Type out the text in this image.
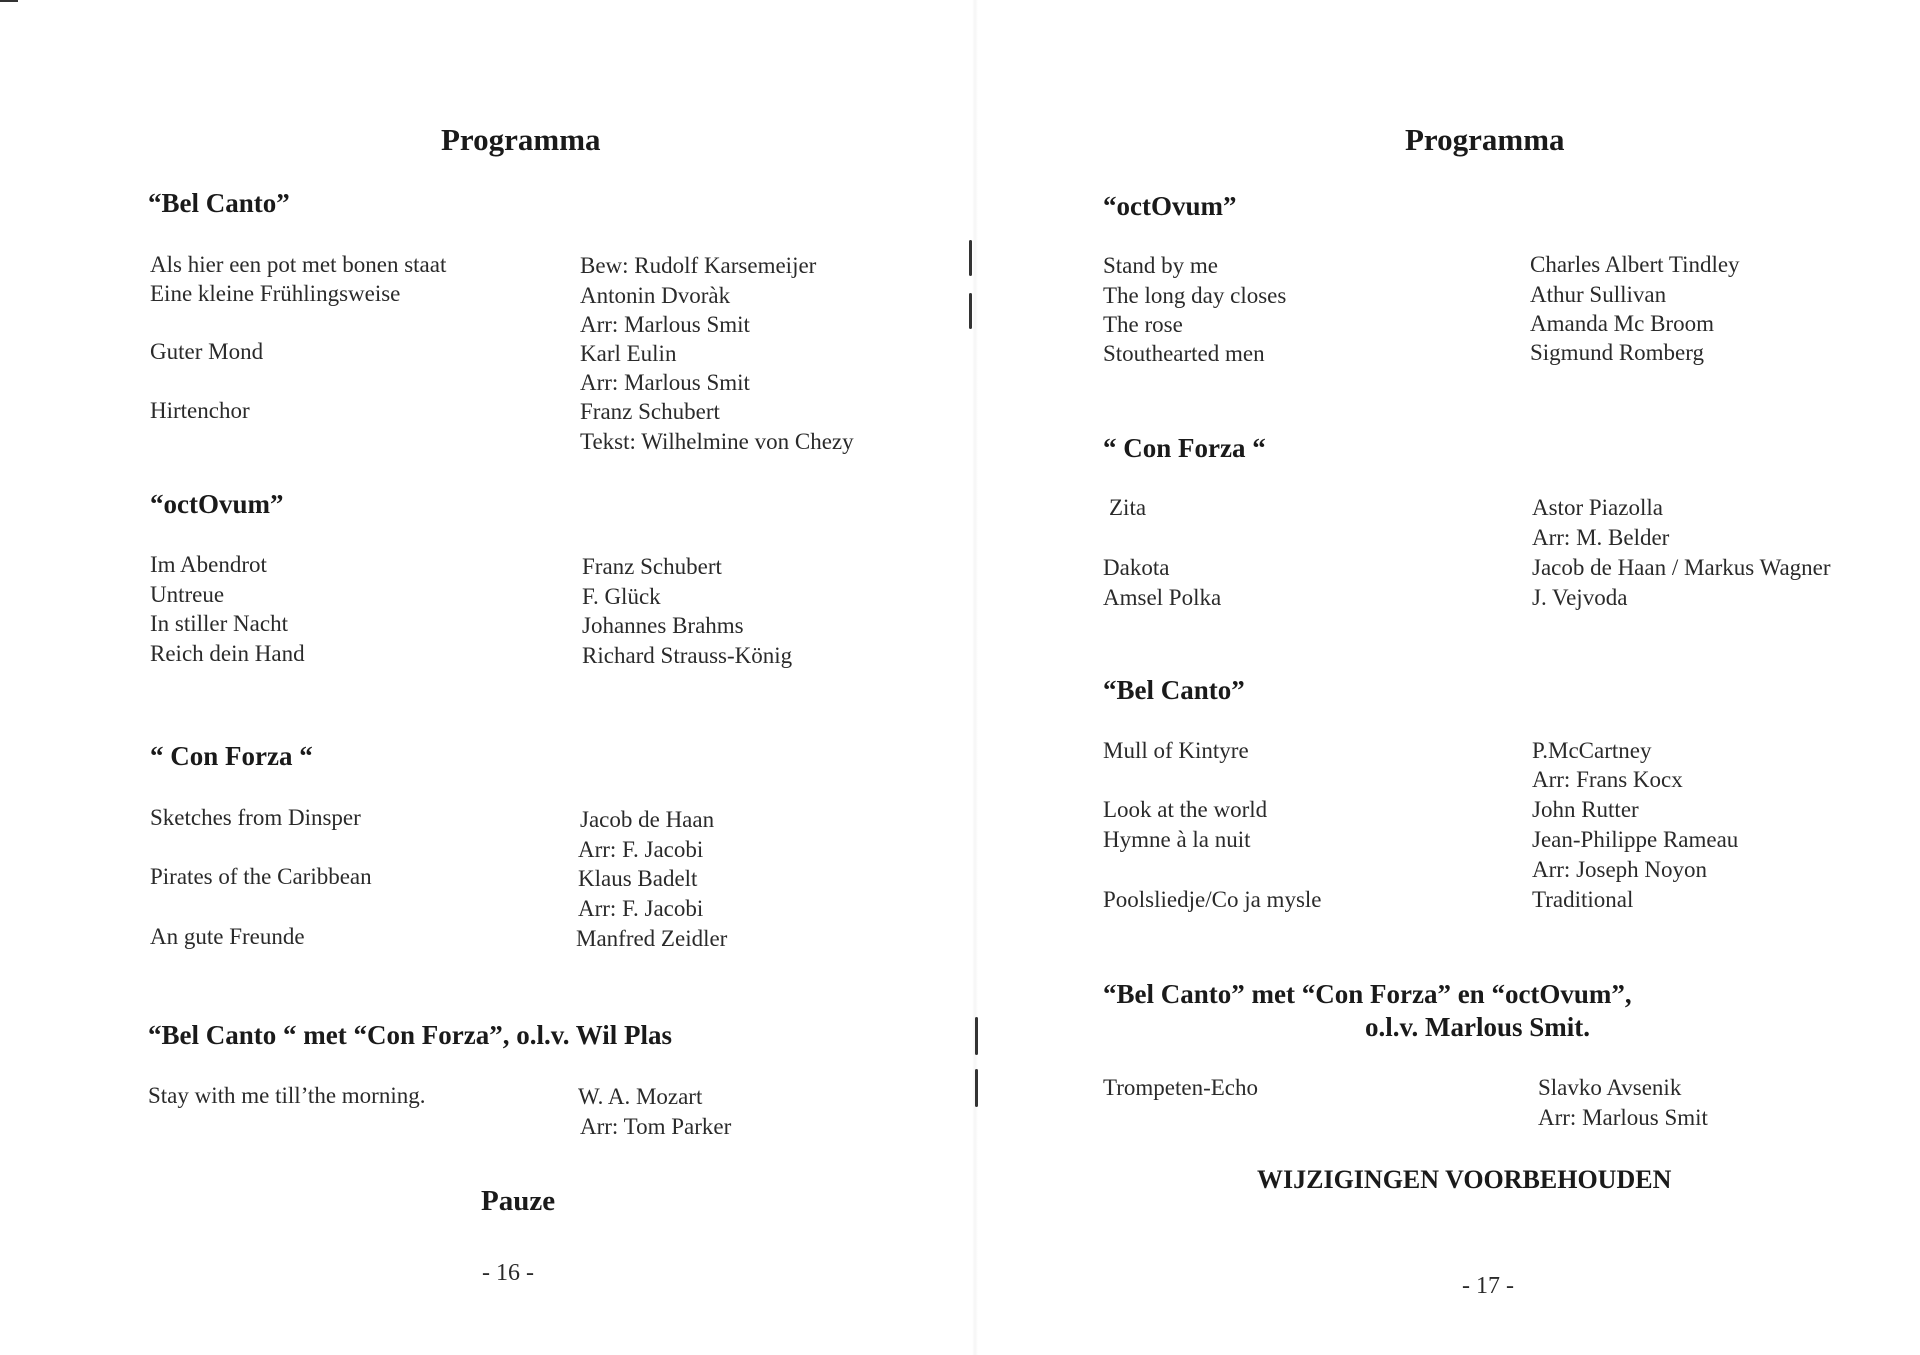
Programma
“Bel Canto”
Als hier een pot met bonen staat
Eine kleine Frühlingsweise
Guter Mond
Hirtenchor
Bew: Rudolf Karsemeijer
Antonin Dvoràk
Arr: Marlous Smit
Karl Eulin
Arr: Marlous Smit
Franz Schubert
Tekst: Wilhelmine von Chezy
“octOvum”
Im Abendrot
Untreue
In stiller Nacht
Reich dein Hand
Franz Schubert
F. Glück
Johannes Brahms
Richard Strauss-König
“ Con Forza “
Sketches from Dinsper
Pirates of the Caribbean
An gute Freunde
Jacob de Haan
Arr: F. Jacobi
Klaus Badelt
Arr: F. Jacobi
Manfred Zeidler
“Bel Canto “ met “Con Forza”, o.l.v. Wil Plas
Stay with me till’the morning.	W. A. Mozart
Arr: Tom Parker
Pauze
- 16 -
Programma
“octOvum”
Stand by me
The long day closes
The rose
Stouthearted men
Charles Albert Tindley
Athur Sullivan
Amanda Mc Broom
Sigmund Romberg
“ Con Forza “
Zita
Dakota
Amsel Polka
Astor Piazolla
Arr: M. Belder
Jacob de Haan / Markus Wagner
J. Vejvoda
“Bel Canto”
Mull of Kintyre
Look at the world
Hymne à la nuit
Poolsliedje/Co ja mysle
P.McCartney
Arr: Frans Kocx
John Rutter
Jean-Philippe Rameau
Arr: Joseph Noyon
Traditional
“Bel Canto” met “Con Forza” en “octOvum”,
o.l.v. Marlous Smit.
Trompeten-Echo	Slavko Avsenik
Arr: Marlous Smit
WIJZIGINGEN VOORBEHOUDEN
- 17 -
